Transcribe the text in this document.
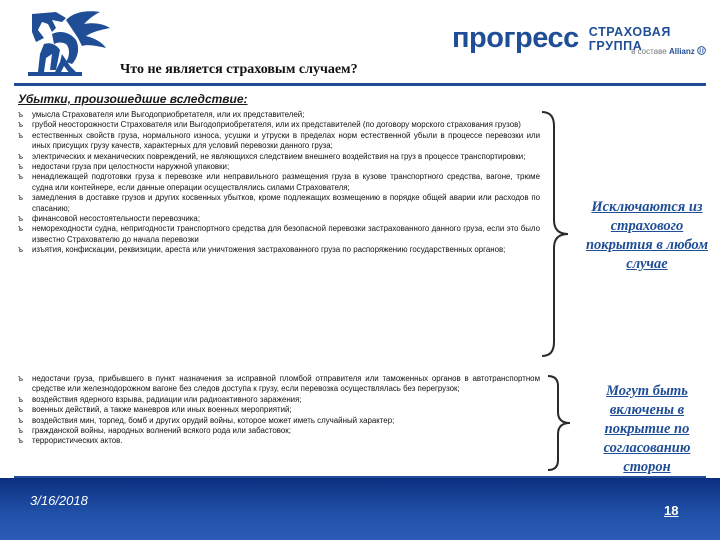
прогресс СТРАХОВАЯ ГРУППА
в составе Allianz
Что не является страховым случаем?
Убытки, произошедшие вследствие:
ъ умысла Страхователя или Выгодоприобретателя, или их представителей;
ъ грубой неосторожности Страхователя или Выгодоприобретателя, или их представителей (по договору морского страхования грузов)
ъ естественных свойств груза, нормального износа, усушки и утруски в пределах норм естественной убыли в процессе перевозки или иных присущих грузу качеств, характерных для условий перевозки данного груза;
ъ электрических и механических повреждений, не являющихся следствием внешнего воздействия на груз в процессе транспортировки;
ъ недостачи груза при целостности наружной упаковки;
ъ ненадлежащей подготовки груза к перевозке или неправильного размещения груза в кузове транспортного средства, вагоне, трюме судна или контейнере, если данные операции осуществлялись силами Страхователя;
ъ замедления в доставке грузов и других косвенных убытков, кроме подлежащих возмещению в порядке общей аварии или расходов по спасанию;
ъ финансовой несостоятельности перевозчика;
ъ немореходности судна, непригодности транспортного средства для безопасной перевозки застрахованного данного груза, если это было известно Страхователю до начала перевозки
ъ изъятия, конфискации, реквизиции, ареста или уничтожения застрахованного груза по распоряжению государственных органов;
Исключаются из страхового покрытия в любом случае
ъ недостачи груза, прибывшего в пункт назначения за исправной пломбой отправителя или таможенных органов в автотранспортном средстве или железнодорожном вагоне без следов доступа к грузу, если перевозка осуществлялась без перегрузок;
ъ воздействия ядерного взрыва, радиации или радиоактивного заражения;
ъ военных действий, а также маневров или иных военных мероприятий;
ъ воздействия мин, торпед, бомб и других орудий войны, которое может иметь случайный характер;
ъ гражданской войны, народных волнений всякого рода или забастовок;
ъ террористических актов.
Могут быть включены в покрытие по согласованию сторон
3/16/2018
18
